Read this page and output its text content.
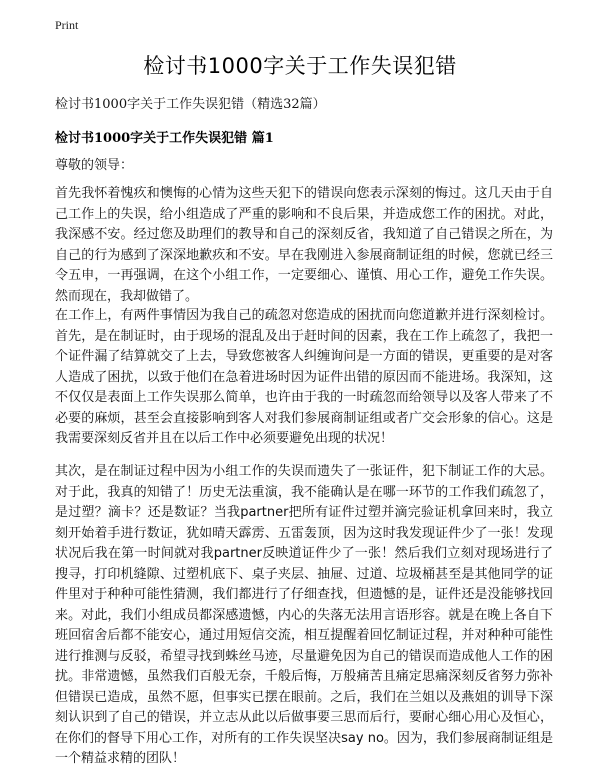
Print
检讨书1000字关于工作失误犯错
检讨书1000字关于工作失误犯错（精选32篇）
检讨书1000字关于工作失误犯错 篇1
尊敬的领导：

首先我怀着愧疚和懊悔的心情为这些天犯下的错误向您表示深刻的悔过。这几天由于自己工作上的失误，给小组造成了严重的影响和不良后果，并造成您工作的困扰。对此，我深感不安。经过您及助理们的教导和自己的深刻反省，我知道了自己错误之所在，为自己的行为感到了深深地歉疚和不安。早在我刚进入参展商制证组的时候，您就已经三令五申，一再强调，在这个小组工作，一定要细心、谨慎、用心工作，避免工作失误。然而现在，我却做错了。

在工作上，有两件事情因为我自己的疏忽对您造成的困扰而向您道歉并进行深刻检讨。首先，是在制证时，由于现场的混乱及出于赶时间的因素，我在工作上疏忽了，我把一个证件漏了结算就交了上去，导致您被客人纠缠询问是一方面的错误，更重要的是对客人造成了困扰，以致于他们在急着进场时因为证件出错的原因而不能进场。我深知，这不仅仅是表面上工作失误那么简单，也许由于我的一时疏忽而给领导以及客人带来了不必要的麻烦，甚至会直接影响到客人对我们参展商制证组或者广交会形象的信心。这是我需要深刻反省并且在以后工作中必须要避免出现的状况！

其次，是在制证过程中因为小组工作的失误而遗失了一张证件，犯下制证工作的大忌。对于此，我真的知错了！历史无法重演，我不能确认是在哪一环节的工作我们疏忽了，是过塑？滴卡？还是数证？当我partner把所有证件过塑并滴完验证机拿回来时，我立刻开始着手进行数证，犹如晴天霹雳、五雷轰顶，因为这时我发现证件少了一张！发现状况后我在第一时间就对我partner反映道证件少了一张！然后我们立刻对现场进行了搜寻，打印机缝隙、过塑机底下、桌子夹层、抽屉、过道、垃圾桶甚至是其他同学的证件里对于种种可能性猜测，我们都进行了仔细查找，但遗憾的是，证件还是没能够找回来。对此，我们小组成员都深感遗憾，内心的失落无法用言语形容。就是在晚上各自下班回宿舍后都不能安心，通过用短信交流，相互提醒着回忆制证过程，并对种种可能性进行推测与反驳，希望寻找到蛛丝马迹，尽量避免因为自己的错误而造成他人工作的困扰。非常遗憾，虽然我们百般无奈，千般后悔，万般痛苦且痛定思痛深刻反省努力弥补但错误已造成，虽然不愿，但事实已摆在眼前。之后，我们在兰姐以及燕姐的训导下深刻认识到了自己的错误，并立志从此以后做事要三思而后行，要耐心细心用心及恒心，在你们的督导下用心工作，对所有的工作失误坚决say no。因为，我们参展商制证组是一个精益求精的团队！
